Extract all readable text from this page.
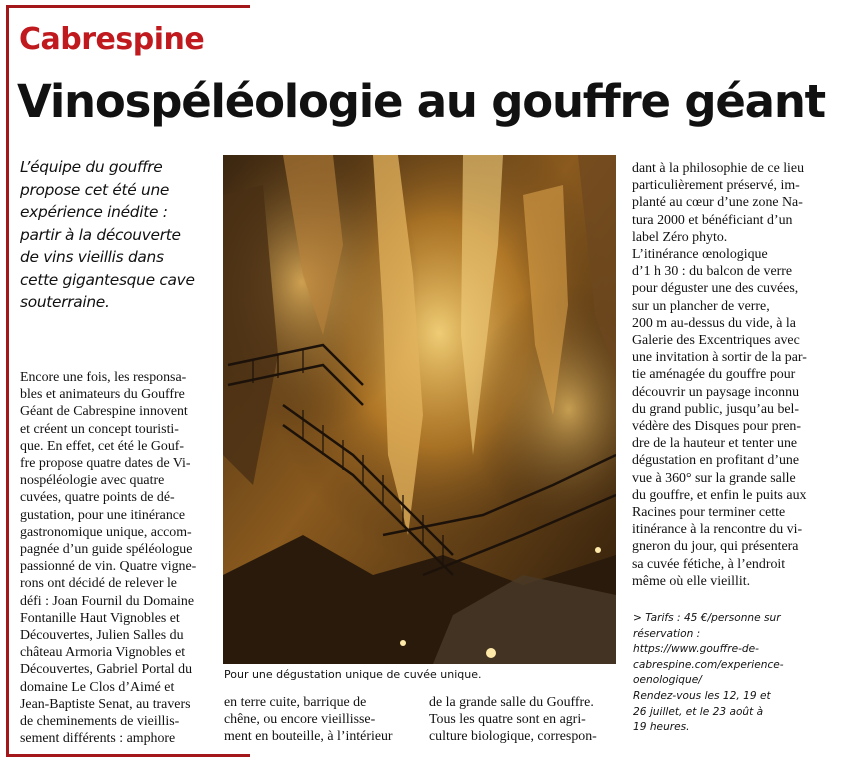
Cabrespine
Vinospéléologie au gouffre géant
L’équipe du gouffre
propose cet été une
expérience inédite :
partir à la découverte
de vins vieillis dans
cette gigantesque cave
souterraine.
Encore une fois, les responsa-
bles et animateurs du Gouffre
Géant de Cabrespine innovent
et créent un concept touristi-
que. En effet, cet été le Gouf-
fre propose quatre dates de Vi-
nospéléologie avec quatre
cuvées, quatre points de dé-
gustation, pour une itinérance
gastronomique unique, accom-
pagnée d’un guide spéléologue
passionné de vin. Quatre vigne-
rons ont décidé de relever le
défi : Joan Fournil du Domaine
Fontanille Haut Vignobles et
Découvertes, Julien Salles du
château Armoria Vignobles et
Découvertes, Gabriel Portal du
domaine Le Clos d’Aimé et
Jean-Baptiste Senat, au travers
de cheminements de vieillis-
sement différents : amphore
Pour une dégustation unique de cuvée unique.
en terre cuite, barrique de
chêne, ou encore vieillisse-
ment en bouteille, à l’intérieur
de la grande salle du Gouffre.
Tous les quatre sont en agri-
culture biologique, correspon-
dant à la philosophie de ce lieu
particulièrement préservé, im-
planté au cœur d’une zone Na-
tura 2000 et bénéficiant d’un
label Zéro phyto.
L’itinérance œnologique
d’1 h 30 : du balcon de verre
pour déguster une des cuvées,
sur un plancher de verre,
200 m au-dessus du vide, à la
Galerie des Excentriques avec
une invitation à sortir de la par-
tie aménagée du gouffre pour
découvrir un paysage inconnu
du grand public, jusqu’au bel-
védère des Disques pour pren-
dre de la hauteur et tenter une
dégustation en profitant d’une
vue à 360° sur la grande salle
du gouffre, et enfin le puits aux
Racines pour terminer cette
itinérance à la rencontre du vi-
gneron du jour, qui présentera
sa cuvée fétiche, à l’endroit
même où elle vieillit.
> Tarifs : 45 €/personne sur
réservation :
https://www.gouffre-de-
cabrespine.com/experience-
oenologique/
Rendez-vous les 12, 19 et
26 juillet, et le 23 août à
19 heures.
